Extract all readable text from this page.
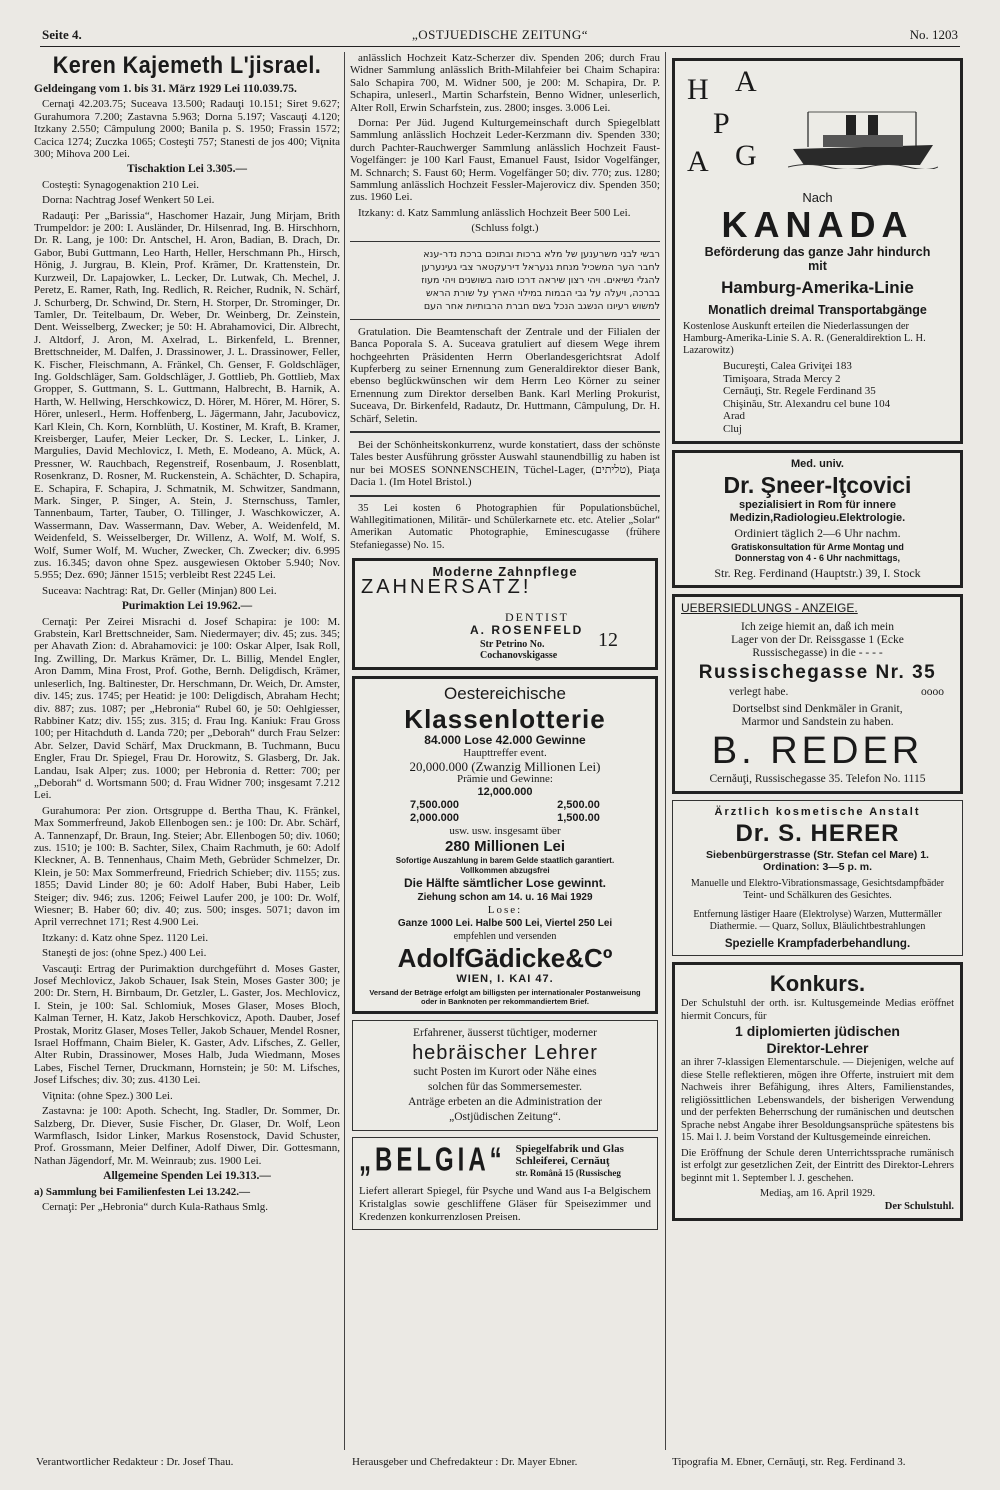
Seite 4.	„OSTJUEDISCHE ZEITUNG“	No. 1203
Keren Kajemeth L'jisrael.
Geldeingang vom 1. bis 31. März 1929 Lei 110.039.75.

Cernaţi 42.203.75; Suceava 13.500; Radauţi 10.151; Siret 9.627; Gurahumora 7.200; Zastavna 5.963; Dorna 5.197; Vascauţi 4.120; Itzkany 2.550; Câmpulung 2000; Banila p. S. 1950; Frassin 1572; Cacica 1274; Zuczka 1065; Costeşti 757; Stanesti de jos 400; Viţnita 300; Mihova 200 Lei.

Tischaktion Lei 3.305.—

Costeşti: Synagogenaktion 210 Lei.

Dorna: Nachtrag Josef Wenkert 50 Lei.

Radauţi: Per „Barissia“, Haschomer Hazair, Jung Mirjam, Brith Trumpeldor: je 200: I. Ausländer, Dr. Hilsenrad, Ing. B. Hirschhorn, Dr. R. Lang, je 100: Dr. Antschel, H. Aron, Badian, B. Drach, Dr. Gabor, Bubi Guttmann, Leo Harth, Heller, Herschmann Ph., Hirsch, Hönig, J. Jurgrau, B. Klein, Prof. Krämer, Dr. Krattenstein, Dr. Kurzweil, Dr. Lapajowker, L. Lecker, Dr. Lutwak, Ch. Mechel, J. Peretz, E. Ramer, Rath, Ing. Redlich, R. Reicher, Rudnik, N. Schärf, J. Schurberg, Dr. Schwind, Dr. Stern, H. Storper, Dr. Strominger, Dr. Tamler, Dr. Teitelbaum, Dr. Weber, Dr. Weinberg, Dr. Zeinstein, Dent. Weisselberg, Zwecker; je 50: H. Abrahamovici, Dir. Albrecht, J. Altdorf, J. Aron, M. Axelrad, L. Birkenfeld, L. Brenner, Brettschneider, M. Dalfen, J. Drassinower, J. L. Drassinower, Feller, K. Fischer, Fleischmann, A. Fränkel, Ch. Genser, F. Goldschläger, Ing. Goldschläger, Sam. Goldschläger, J. Gottlieb, Ph. Gottlieb, Max Gropper, S. Guttmann, S. L. Guttmann, Halbrecht, B. Harnik, A. Harth, W. Hellwing, Herschkowicz, D. Hörer, M. Hörer, M. Hörer, S. Hörer, unleserl., Herm. Hoffenberg, L. Jägermann, Jahr, Jacubovicz, Karl Klein, Ch. Korn, Kornblüth, U. Kostiner, M. Kraft, B. Kramer, Kreisberger, Laufer, Meier Lecker, Dr. S. Lecker, L. Linker, J. Margulies, David Mechlovicz, I. Meth, E. Modeano, A. Mück, A. Pressner, W. Rauchbach, Regenstreif, Rosenbaum, J. Rosenblatt, Rosenkranz, D. Rosner, M. Ruckenstein, A. Schächter, D. Schapira, E. Schapira, F. Schapira, J. Schmatnik, M. Schwitzer, Sandmann, Mark. Singer, P. Singer, A. Stein, J. Sternschuss, Tamler, Tannenbaum, Tarter, Tauber, O. Tillinger, J. Waschkowiczer, A. Wassermann, Dav. Wassermann, Dav. Weber, A. Weidenfeld, M. Weidenfeld, S. Weisselberger, Dr. Willenz, A. Wolf, M. Wolf, S. Wolf, Sumer Wolf, M. Wucher, Zwecker, Ch. Zwecker; div. 6.995 zus. 16.345; davon ohne Spez. ausgewiesen Oktober 5.940; Nov. 5.955; Dez. 690; Jänner 1515; verbleibt Rest 2245 Lei.

Suceava: Nachtrag: Rat, Dr. Geller (Minjan) 800 Lei.

Purimaktion Lei 19.962.—

Cernaţi: Per Zeirei Misrachi d. Josef Schapira: je 100: M. Grabstein, Karl Brettschneider, Sam. Niedermayer; div. 45; zus. 345; per Ahavath Zion: d. Abrahamovici: je 100: Oskar Alper, Isak Roll, Ing. Zwilling, Dr. Markus Krämer, Dr. L. Billig, Mendel Engler, Aron Damm, Mina Frost, Prof. Gothe, Bernh. Deligdisch, Krämer, unleserlich, Ing. Baltinester, Dr. Herschmann, Dr. Weich, Dr. Amster, div. 145; zus. 1745; per Heatid: je 100: Deligdisch, Abraham Hecht; div. 887; zus. 1087; per „Hebronia“ Rubel 60, je 50: Oehlgiesser, Rabbiner Katz; div. 155; zus. 315; d. Frau Ing. Kaniuk: Frau Gross 100; per Hitachduth d. Landa 720; per „Deborah“ durch Frau Selzer: Abr. Selzer, David Schärf, Max Druckmann, B. Tuchmann, Bucu Engler, Frau Dr. Spiegel, Frau Dr. Horowitz, S. Glasberg, Dr. Jak. Landau, Isak Alper; zus. 1000; per Hebronia d. Retter: 700; per „Deborah“ d. Wortsmann 500; d. Frau Widner 700; insgesamt 7.212 Lei.

Gurahumora: Per zion. Ortsgruppe d. Bertha Thau, K. Fränkel, Max Sommerfreund, Jakob Ellenbogen sen.: je 100: Dr. Abr. Schärf, A. Tannenzapf, Dr. Braun, Ing. Steier; Abr. Ellenbogen 50; div. 1060; zus. 1510; je 100: B. Sachter, Silex, Chaim Rachmuth, je 60: Adolf Kleckner, A. B. Tennenhaus, Chaim Meth, Gebrüder Schmelzer, Dr. Klein, je 50: Max Sommerfreund, Friedrich Schieber; div. 1155; zus. 1855; David Linder 80; je 60: Adolf Haber, Bubi Haber, Leib Steiger; div. 946; zus. 1206; Feiwel Laufer 200, je 100: Dr. Wolf, Wiesner; B. Haber 60; div. 40; zus. 500; insges. 5071; davon im April verrechnet 171; Rest 4.900 Lei.

Itzkany: d. Katz ohne Spez. 1120 Lei.

Staneşti de jos: (ohne Spez.) 400 Lei.

Vascauţi: Ertrag der Purimaktion durchgeführt d. Moses Gaster, Josef Mechlovicz, Jakob Schauer, Isak Stein, Moses Gaster 300; je 200: Dr. Stern, H. Birnbaum, Dr. Getzler, L. Gaster, Jos. Mechlovicz, I. Stein, je 100: Sal. Schlomiuk, Moses Glaser, Moses Bloch, Kalman Terner, H. Katz, Jakob Herschkovicz, Apoth. Dauber, Josef Prostak, Moritz Glaser, Moses Teller, Jakob Schauer, Mendel Rosner, Israel Hoffmann, Chaim Bieler, K. Gaster, Adv. Lifsches, Z. Geller, Alter Rubin, Drassinower, Moses Halb, Juda Wiedmann, Moses Labes, Fischel Terner, Druckmann, Hornstein; je 50: M. Lifsches, Josef Lifsches; div. 30; zus. 4130 Lei.

Viţnita: (ohne Spez.) 300 Lei.

Zastavna: je 100: Apoth. Schecht, Ing. Stadler, Dr. Sommer, Dr. Salzberg, Dr. Diever, Susie Fischer, Dr. Glaser, Dr. Wolf, Leon Warmflasch, Isidor Linker, Markus Rosenstock, David Schuster, Prof. Grossmann, Meier Delfiner, Adolf Diwer, Dir. Gottesmann, Nathan Jägendorf, Mr. M. Weinraub; zus. 1900 Lei.

Allgemeine Spenden Lei 19.313.—

a) Sammlung bei Familienfesten Lei 13.242.—

Cernaţi: Per „Hebronia“ durch Kula-Rathaus Smlg.

anlässlich Hochzeit Katz-Scherzer div. Spenden 206; durch Frau Widner Sammlung anlässlich Brith-Milahfeier bei Chaim Schapira: Salo Schapira 700, M. Widner 500, je 200: M. Schapira, Dr. P. Schapira, unleserl., Martin Scharfstein, Benno Widner, unleserlich, Alter Roll, Erwin Scharfstein, zus. 2800; insges. 3.006 Lei.

Dorna: Per Jüd. Jugend Kulturgemeinschaft durch Spiegelblatt Sammlung anlässlich Hochzeit Leder-Kerzmann div. Spenden 330; durch Pachter-Rauchwerger Sammlung anlässlich Hochzeit Faust-Vogelfänger: je 100 Karl Faust, Emanuel Faust, Isidor Vogelfänger, M. Schnarch; S. Faust 60; Herm. Vogelfänger 50; div. 770; zus. 1280; Sammlung anlässlich Hochzeit Fessler-Majerovicz div. Spenden 350; zus. 1960 Lei.

Itzkany: d. Katz Sammlung anlässlich Hochzeit Beer 500 Lei.

(Schluss folgt.)
רבשי לבני משרענען של מלא ברכות ובתוכם ברכת נדר-ענא
לחבר הער המשכיל מנחת גנעראל דירעקטאר צבי געינערען
להגלי נשיאים. ויהי רצון שיראה דרכו סוגה בשושנים ויהי מעוז
בברכה, ויעלה על גבי הבמות במילוי הארץ על שורת הראש
למשוש רעיונו הנשגב הנכל בשם חברת הרבותיות אחר העם

Gratulation. Die Beamtenschaft der Zentrale und der Filialen der Banca Poporala S. A. Suceava gratuliert auf diesem Wege ihrem hochgeehrten Präsidenten Herrn Oberlandesgerichtsrat Adolf Kupferberg zu seiner Ernennung zum Generaldirektor dieser Bank, ebenso beglückwünschen wir dem Herrn Leo Körner zu seiner Ernennung zum Direktor derselben Bank. Karl Merling Prokurist, Suceava, Dr. Birkenfeld, Radautz, Dr. Huttmann, Câmpulung, Dr. H. Schärf, Seletin.

Bei der Schönheitskonkurrenz, wurde konstatiert, dass der schönste Tales bester Ausführung grösster Auswahl staunendbillig zu haben ist nur bei MOSES SONNENSCHEIN, Tüchel-Lager, (טליתים), Piaţa Dacia 1. (Im Hotel Bristol.)

35 Lei kosten 6 Photographien für Populationsbüchel, Wahllegitimationen, Militär- und Schülerkarnete etc. etc. Atelier „Solar“ Amerikan Automatic Photographie, Eminescugasse (frühere Stefaniegasse) No. 15.

Moderne Zahnpflege
ZAHNERSATZ!
DENTIST
A. ROSENFELD
Str Petrino No.
Cochanovskigasse
12
Oestereichische
Klassenlotterie
84.000 Lose 42.000 Gewinne
Haupttreffer event.
20,000.000 (Zwanzig Millionen Lei)
Prämie und Gewinne:
12,000.000
7,500.000	2,500.00
2,000.000	1,500.00
usw. usw. insgesamt über
280 Millionen Lei
Sofortige Auszahlung in barem Gelde staatlich garantiert.
Vollkommen abzugsfrei
Die Hälfte sämtlicher Lose gewinnt.
Ziehung schon am 14. u. 16 Mai 1929
Lose:
Ganze 1000 Lei. Halbe 500 Lei, Viertel 250 Lei
empfehlen und versenden
AdolfGädicke&Cº
WIEN, I. KAI 47.
Versand der Beträge erfolgt am billigsten per internationaler Postanweisung oder in Banknoten per rekommandiertem Brief.
Erfahrener, äusserst tüchtiger, moderner
hebräischer Lehrer
sucht Posten im Kurort oder Nähe eines
solchen für das Sommersemester.
Anträge erbeten an die Administration der
„Ostjüdischen Zeitung“.
„BELGIA“ Spiegelfabrik und Glas
Schleiferei, Cernăuţ
str. Română 15 (Russischeg
Liefert allerart Spiegel, für Psyche und Wand aus I-a Belgischem Kristalglas sowie geschliffene Gläser für Speisezimmer und Kredenzen konkurrenzlosen Preisen.
H A
P
A G
Nach
KANADA
Beförderung das ganze Jahr hindurch
mit
Hamburg-Amerika-Linie
Monatlich dreimal Transportabgänge
Kostenlose Auskunft erteilen die Niederlassungen der Hamburg-Amerika-Linie S. A. R. (Generaldirektion L. H. Lazarowitz)
Bucureşti, Calea Griviţei 183
Timişoara, Strada Mercy 2
Cernăuţi, Str. Regele Ferdinand 35
Chişinău, Str. Alexandru cel bune 104
Arad
Cluj
Med. univ.
Dr. Şneer-Iţcovici
spezialisiert in Rom für innere
Medizin,Radiologieu.Elektrologie.
Ordiniert täglich 2—6 Uhr nachm.
Gratiskonsultation für Arme Montag und
Donnerstag von 4 - 6 Uhr nachmittags,
Str. Reg. Ferdinand (Hauptstr.) 39, I. Stock
UEBERSIEDLUNGS - ANZEIGE.
Ich zeige hiemit an, daß ich mein
Lager von der Dr. Reissgasse 1 (Ecke
Russischegasse) in die - - - -
Russischegasse Nr. 35
verlegt habe.	oooo
Dortselbst sind Denkmäler in Granit,
Marmor und Sandstein zu haben.
B. REDER
Cernăuţi, Russischegasse 35. Telefon No. 1115
Ärztlich kosmetische Anstalt
Dr. S. HERER
Siebenbürgerstrasse (Str. Stefan cel Mare) 1.
Ordination: 3—5 p. m.
Manuelle und Elektro-Vibrationsmassage, Gesichtsdampfbäder Teint- und Schälkuren des Gesichtes.
Entfernung lästiger Haare (Elektrolyse) Warzen, Muttermäller Diathermie. — Quarz, Sollux, Bläulichtbestrahlungen
Spezielle Krampfaderbehandlung.
Konkurs.
Der Schulstuhl der orth. isr. Kultusgemeinde Medias eröffnet hiermit Concurs, für
1 diplomierten jüdischen
Direktor-Lehrer
an ihrer 7-klassigen Elementarschule. — Diejenigen, welche auf diese Stelle reflektieren, mögen ihre Offerte, instruiert mit dem Nachweis ihrer Befähigung, ihres Alters, Familienstandes, religiössittlichen Lebenswandels, der bisherigen Verwendung und der perfekten Beherrschung der rumänischen und deutschen Sprache nebst Angabe ihrer Besoldungsansprüche spätestens bis 15. Mai l. J. beim Vorstand der Kultusgemeinde einreichen.
Die Eröffnung der Schule deren Unterrichtssprache rumänisch ist erfolgt zur gesetzlichen Zeit, der Eintritt des Direktor-Lehrers beginnt mit 1. September l. J. geschehen.
Mediaş, am 16. April 1929.
Der Schulstuhl.
Verantwortlicher Redakteur : Dr. Josef Thau.	Herausgeber und Chefredakteur : Dr. Mayer Ebner.	Tipografia M. Ebner, Cernăuţi, str. Reg. Ferdinand 3.
